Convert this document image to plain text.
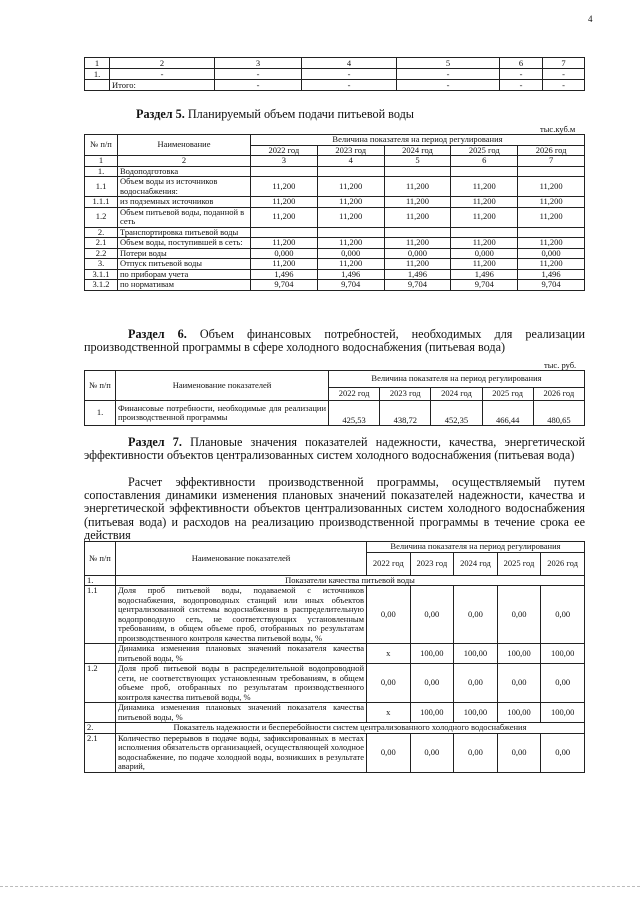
4
1	2	3	4	5	6	7
1.	-	-	-	-	-	-
	Итого:	-	-	-	-	-
Раздел 5. Планируемый объем подачи питьевой воды
тыс.куб.м
№ п/п	Наименование	Величина показателя на период регулирования				
		2022 год	2023 год	2024 год	2025 год	2026 год
1	2	3	4	5	6	7
1.	Водоподготовка					
1.1	Объем воды из источников водоснабжения:	11,200	11,200	11,200	11,200	11,200
1.1.1	из подземных источников	11,200	11,200	11,200	11,200	11,200
1.2	Объем питьевой воды, поданной в сеть	11,200	11,200	11,200	11,200	11,200
2.	Транспортировка питьевой воды					
2.1	Объем воды, поступившей в сеть:	11,200	11,200	11,200	11,200	11,200
2.2	Потери воды	0,000	0,000	0,000	0,000	0,000
3.	Отпуск питьевой воды	11,200	11,200	11,200	11,200	11,200
3.1.1	по приборам учета	1,496	1,496	1,496	1,496	1,496
3.1.2	по нормативам	9,704	9,704	9,704	9,704	9,704
Раздел 6. Объем финансовых потребностей, необходимых для реализации производственной программы в сфере холодного водоснабжения (питьевая вода)
тыс. руб.
№ п/п	Наименование показателей	Величина показателя на период регулирования				
		2022 год	2023 год	2024 год	2025 год	2026 год
1.	Финансовые потребности, необходимые для реализации производственной программы	425,53	438,72	452,35	466,44	480,65
Раздел 7. Плановые значения показателей надежности, качества, энергетической эффективности объектов централизованных систем холодного водоснабжения (питьевая вода)
Расчет эффективности производственной программы, осуществляемый путем сопоставления динамики изменения плановых значений показателей надежности, качества и энергетической эффективности объектов централизованных систем холодного водоснабжения (питьевая вода) и расходов на реализацию производственной программы в течение срока ее действия
№ п/п	Наименование показателей	Величина показателя на период регулирования				
		2022 год	2023 год	2024 год	2025 год	2026 год
1.	Показатели качества питьевой воды					
1.1	Доля проб питьевой воды, подаваемой с источников водоснабжения, водопроводных станций или иных объектов централизованной системы водоснабжения в распределительную водопроводную сеть, не соответствующих установленным требованиям, в общем объеме проб, отобранных по результатам производственного контроля качества питьевой воды, %	0,00	0,00	0,00	0,00	0,00
	Динамика изменения плановых значений показателя качества питьевой воды, %	х	100,00	100,00	100,00	100,00
1.2	Доля проб питьевой воды в распределительной водопроводной сети, не соответствующих установленным требованиям, в общем объеме проб, отобранных по результатам производственного контроля качества питьевой воды, %	0,00	0,00	0,00	0,00	0,00
	Динамика изменения плановых значений показателя качества питьевой воды, %	х	100,00	100,00	100,00	100,00
2.	Показатель надежности и бесперебойности систем централизованного холодного водоснабжения					
2.1	Количество перерывов в подаче воды, зафиксированных в местах исполнения обязательств организацией, осуществляющей холодное водоснабжение, по подаче холодной воды, возникших в результате аварий,	0,00	0,00	0,00	0,00	0,00
